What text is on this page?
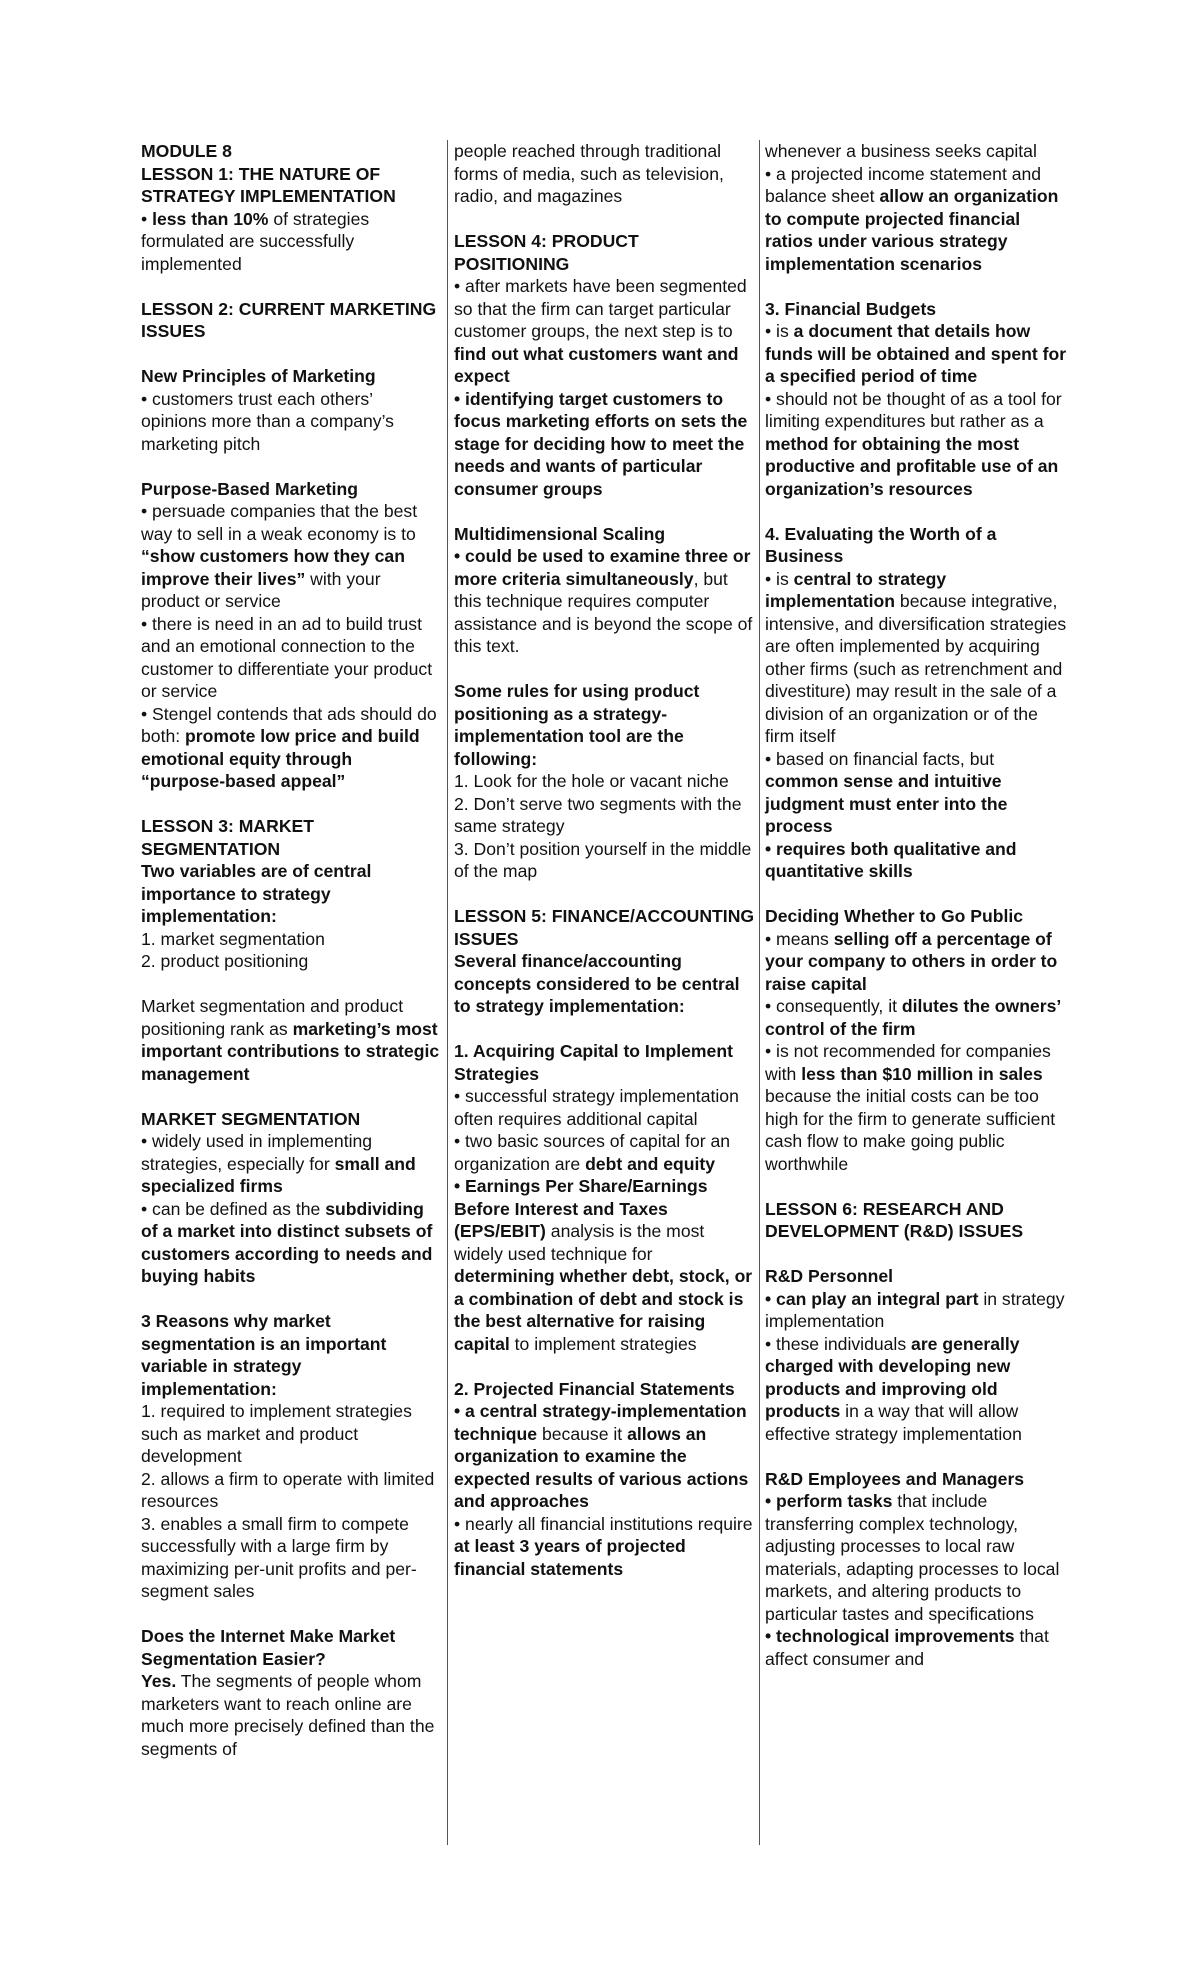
MODULE 8

LESSON 1: THE NATURE OF STRATEGY IMPLEMENTATION

• less than 10% of strategies formulated are successfully implemented

LESSON 2: CURRENT MARKETING ISSUES

New Principles of Marketing

• customers trust each others’ opinions more than a company’s marketing pitch

Purpose-Based Marketing

• persuade companies that the best way to sell in a weak economy is to “show customers how they can improve their lives” with your product or service

• there is need in an ad to build trust and an emotional connection to the customer to differentiate your product or service

• Stengel contends that ads should do both: promote low price and build emotional equity through “purpose-based appeal”

LESSON 3: MARKET SEGMENTATION

Two variables are of central importance to strategy implementation:

1. market segmentation

2. product positioning

Market segmentation and product positioning rank as marketing’s most important contributions to strategic management

MARKET SEGMENTATION

• widely used in implementing strategies, especially for small and specialized firms

• can be defined as the subdividing of a market into distinct subsets of customers according to needs and buying habits

3 Reasons why market segmentation is an important variable in strategy implementation:

1. required to implement strategies such as market and product development

2. allows a firm to operate with limited resources

3. enables a small firm to compete successfully with a large firm by maximizing per-unit profits and per-segment sales

Does the Internet Make Market Segmentation Easier?

Yes. The segments of people whom marketers want to reach online are much more precisely defined than the segments of

people reached through traditional forms of media, such as television, radio, and magazines

LESSON 4: PRODUCT POSITIONING

• after markets have been segmented so that the firm can target particular customer groups, the next step is to find out what customers want and expect

• identifying target customers to focus marketing efforts on sets the stage for deciding how to meet the needs and wants of particular consumer groups

Multidimensional Scaling

• could be used to examine three or more criteria simultaneously, but this technique requires computer assistance and is beyond the scope of this text.

Some rules for using product positioning as a strategy-implementation tool are the following:

1. Look for the hole or vacant niche

2. Don’t serve two segments with the same strategy

3. Don’t position yourself in the middle of the map

LESSON 5: FINANCE/ACCOUNTING ISSUES

Several finance/accounting concepts considered to be central to strategy implementation:

1. Acquiring Capital to Implement Strategies

• successful strategy implementation often requires additional capital

• two basic sources of capital for an organization are debt and equity

• Earnings Per Share/Earnings Before Interest and Taxes (EPS/EBIT) analysis is the most widely used technique for determining whether debt, stock, or a combination of debt and stock is the best alternative for raising capital to implement strategies

2. Projected Financial Statements

• a central strategy-implementation technique because it allows an organization to examine the expected results of various actions and approaches

• nearly all financial institutions require at least 3 years of projected financial statements

whenever a business seeks capital

• a projected income statement and balance sheet allow an organization to compute projected financial ratios under various strategy implementation scenarios

3. Financial Budgets

• is a document that details how funds will be obtained and spent for a specified period of time

• should not be thought of as a tool for limiting expenditures but rather as a method for obtaining the most productive and profitable use of an organization’s resources

4. Evaluating the Worth of a Business

• is central to strategy implementation because integrative, intensive, and diversification strategies are often implemented by acquiring other firms (such as retrenchment and divestiture) may result in the sale of a division of an organization or of the firm itself

• based on financial facts, but common sense and intuitive judgment must enter into the process

• requires both qualitative and quantitative skills

Deciding Whether to Go Public

• means selling off a percentage of your company to others in order to raise capital

• consequently, it dilutes the owners’ control of the firm

• is not recommended for companies with less than $10 million in sales because the initial costs can be too high for the firm to generate sufficient cash flow to make going public worthwhile

LESSON 6: RESEARCH AND DEVELOPMENT (R&D) ISSUES

R&D Personnel

• can play an integral part in strategy implementation

• these individuals are generally charged with developing new products and improving old products in a way that will allow effective strategy implementation

R&D Employees and Managers

• perform tasks that include transferring complex technology, adjusting processes to local raw materials, adapting processes to local markets, and altering products to particular tastes and specifications

• technological improvements that affect consumer and
